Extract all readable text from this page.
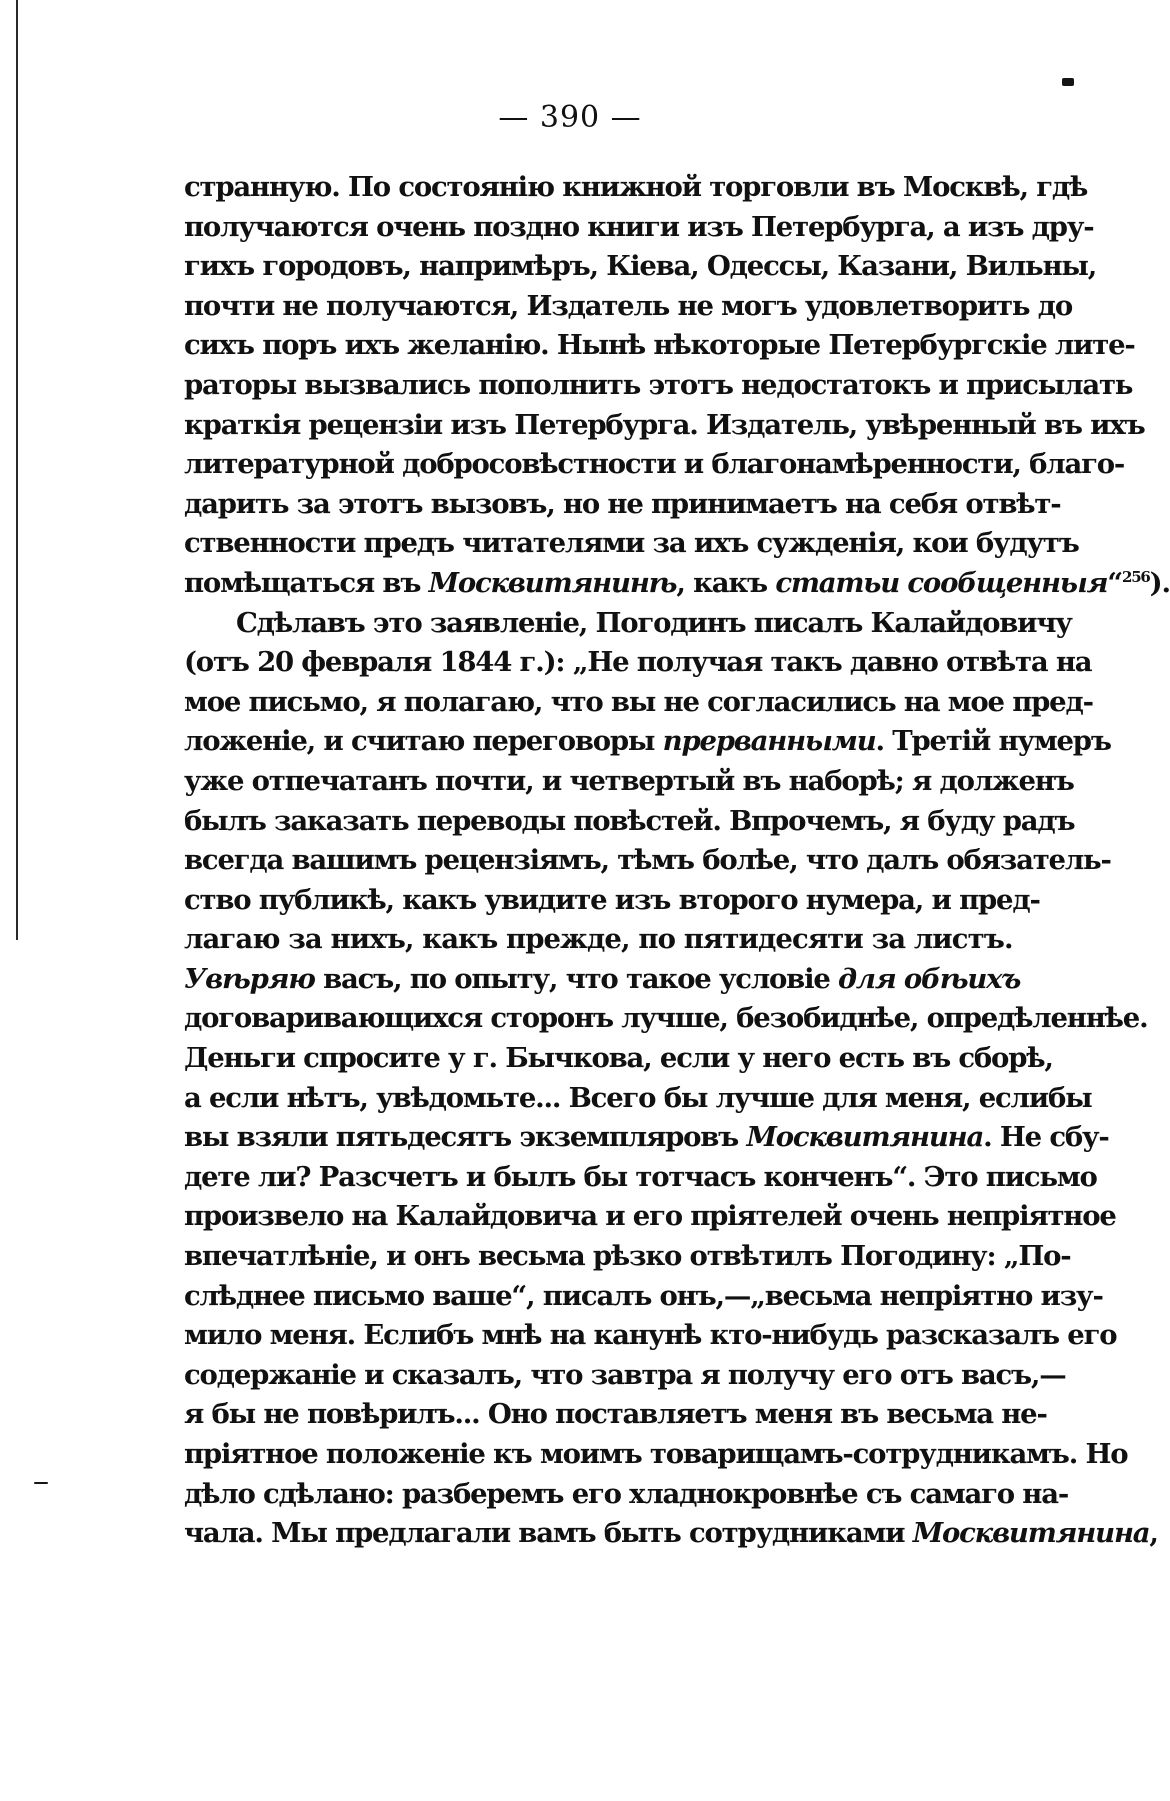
— 390 —
странную. По состоянію книжной торговли въ Москвѣ, гдѣ
получаются очень поздно книги изъ Петербурга, а изъ дру-
гихъ городовъ, напримѣръ, Кіева, Одессы, Казани, Вильны,
почти не получаются, Издатель не могъ удовлетворить до
сихъ поръ ихъ желанію. Нынѣ нѣкоторые Петербургскіе лите-
раторы вызвались пополнить этотъ недостатокъ и присылать
краткія рецензіи изъ Петербурга. Издатель, увѣренный въ ихъ
литературной добросовѣстности и благонамѣренности, благо-
дарить за этотъ вызовъ, но не принимаетъ на себя отвѣт-
ственности предъ читателями за ихъ сужденія, кои будутъ
помѣщаться въ Москвитянинѣ, какъ статьи сообщенныя“$^{256}$).
Сдѣлавъ это заявленіе, Погодинъ писалъ Калайдовичу
(отъ 20 февраля 1844 г.): „Не получая такъ давно отвѣта на
мое письмо, я полагаю, что вы не согласились на мое пред-
ложеніе, и считаю переговоры прерванными. Третій нумеръ
уже отпечатанъ почти, и четвертый въ наборѣ; я долженъ
былъ заказать переводы повѣстей. Впрочемъ, я буду радъ
всегда вашимъ рецензіямъ, тѣмъ болѣе, что далъ обязатель-
ство публикѣ, какъ увидите изъ второго нумера, и пред-
лагаю за нихъ, какъ прежде, по пятидесяти за листъ.
Увѣряю васъ, по опыту, что такое условіе для обѣихъ
договаривающихся сторонъ лучше, безобиднѣе, опредѣленнѣе.
Деньги спросите у г. Бычкова, если у него есть въ сборѣ,
а если нѣтъ, увѣдомьте... Всего бы лучше для меня, еслибы
вы взяли пятьдесятъ экземпляровъ Москвитянина. Не сбу-
дете ли? Разсчетъ и былъ бы тотчасъ конченъ“. Это письмо
произвело на Калайдовича и его пріятелей очень непріятное
впечатлѣніе, и онъ весьма рѣзко отвѣтилъ Погодину: „По-
слѣднее письмо ваше“, писалъ онъ,—„весьма непріятно изу-
мило меня. Еслибъ мнѣ на канунѣ кто-нибудь разсказалъ его
содержаніе и сказалъ, что завтра я получу его отъ васъ,—
я бы не повѣрилъ... Оно поставляетъ меня въ весьма не-
пріятное положеніе къ моимъ товарищамъ-сотрудникамъ. Но
дѣло сдѣлано: разберемъ его хладнокровнѣе съ самаго на-
чала. Мы предлагали вамъ быть сотрудниками Москвитянина,
